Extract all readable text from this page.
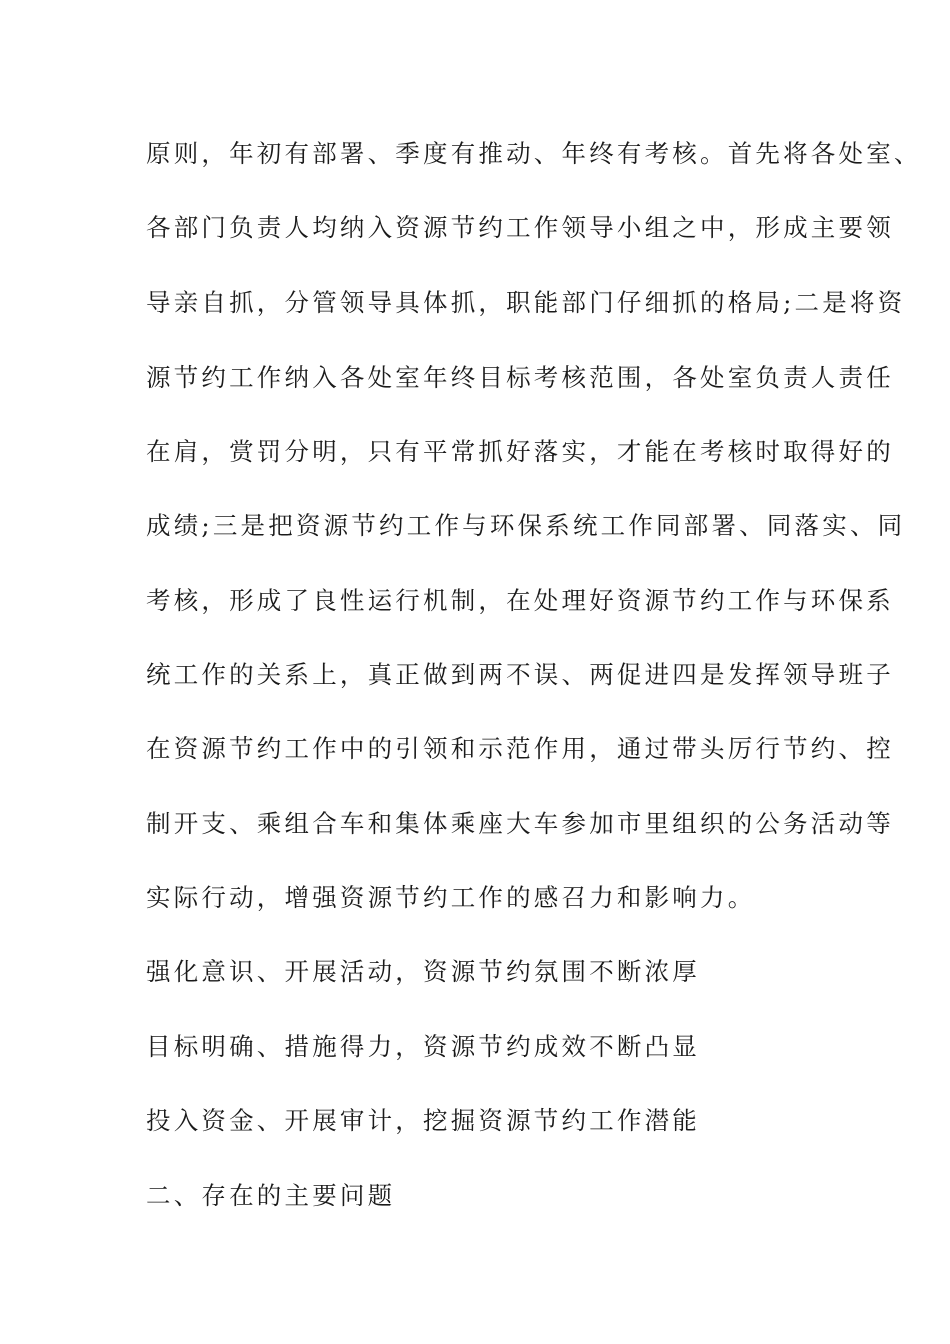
原则，年初有部署、季度有推动、年终有考核。首先将各处室、
各部门负责人均纳入资源节约工作领导小组之中，形成主要领
导亲自抓，分管领导具体抓，职能部门仔细抓的格局;二是将资
源节约工作纳入各处室年终目标考核范围，各处室负责人责任
在肩，赏罚分明，只有平常抓好落实，才能在考核时取得好的
成绩;三是把资源节约工作与环保系统工作同部署、同落实、同
考核，形成了良性运行机制，在处理好资源节约工作与环保系
统工作的关系上，真正做到两不误、两促进四是发挥领导班子
在资源节约工作中的引领和示范作用，通过带头厉行节约、控
制开支、乘组合车和集体乘座大车参加市里组织的公务活动等
实际行动，增强资源节约工作的感召力和影响力。
强化意识、开展活动，资源节约氛围不断浓厚
目标明确、措施得力，资源节约成效不断凸显
投入资金、开展审计，挖掘资源节约工作潜能
二、存在的主要问题
